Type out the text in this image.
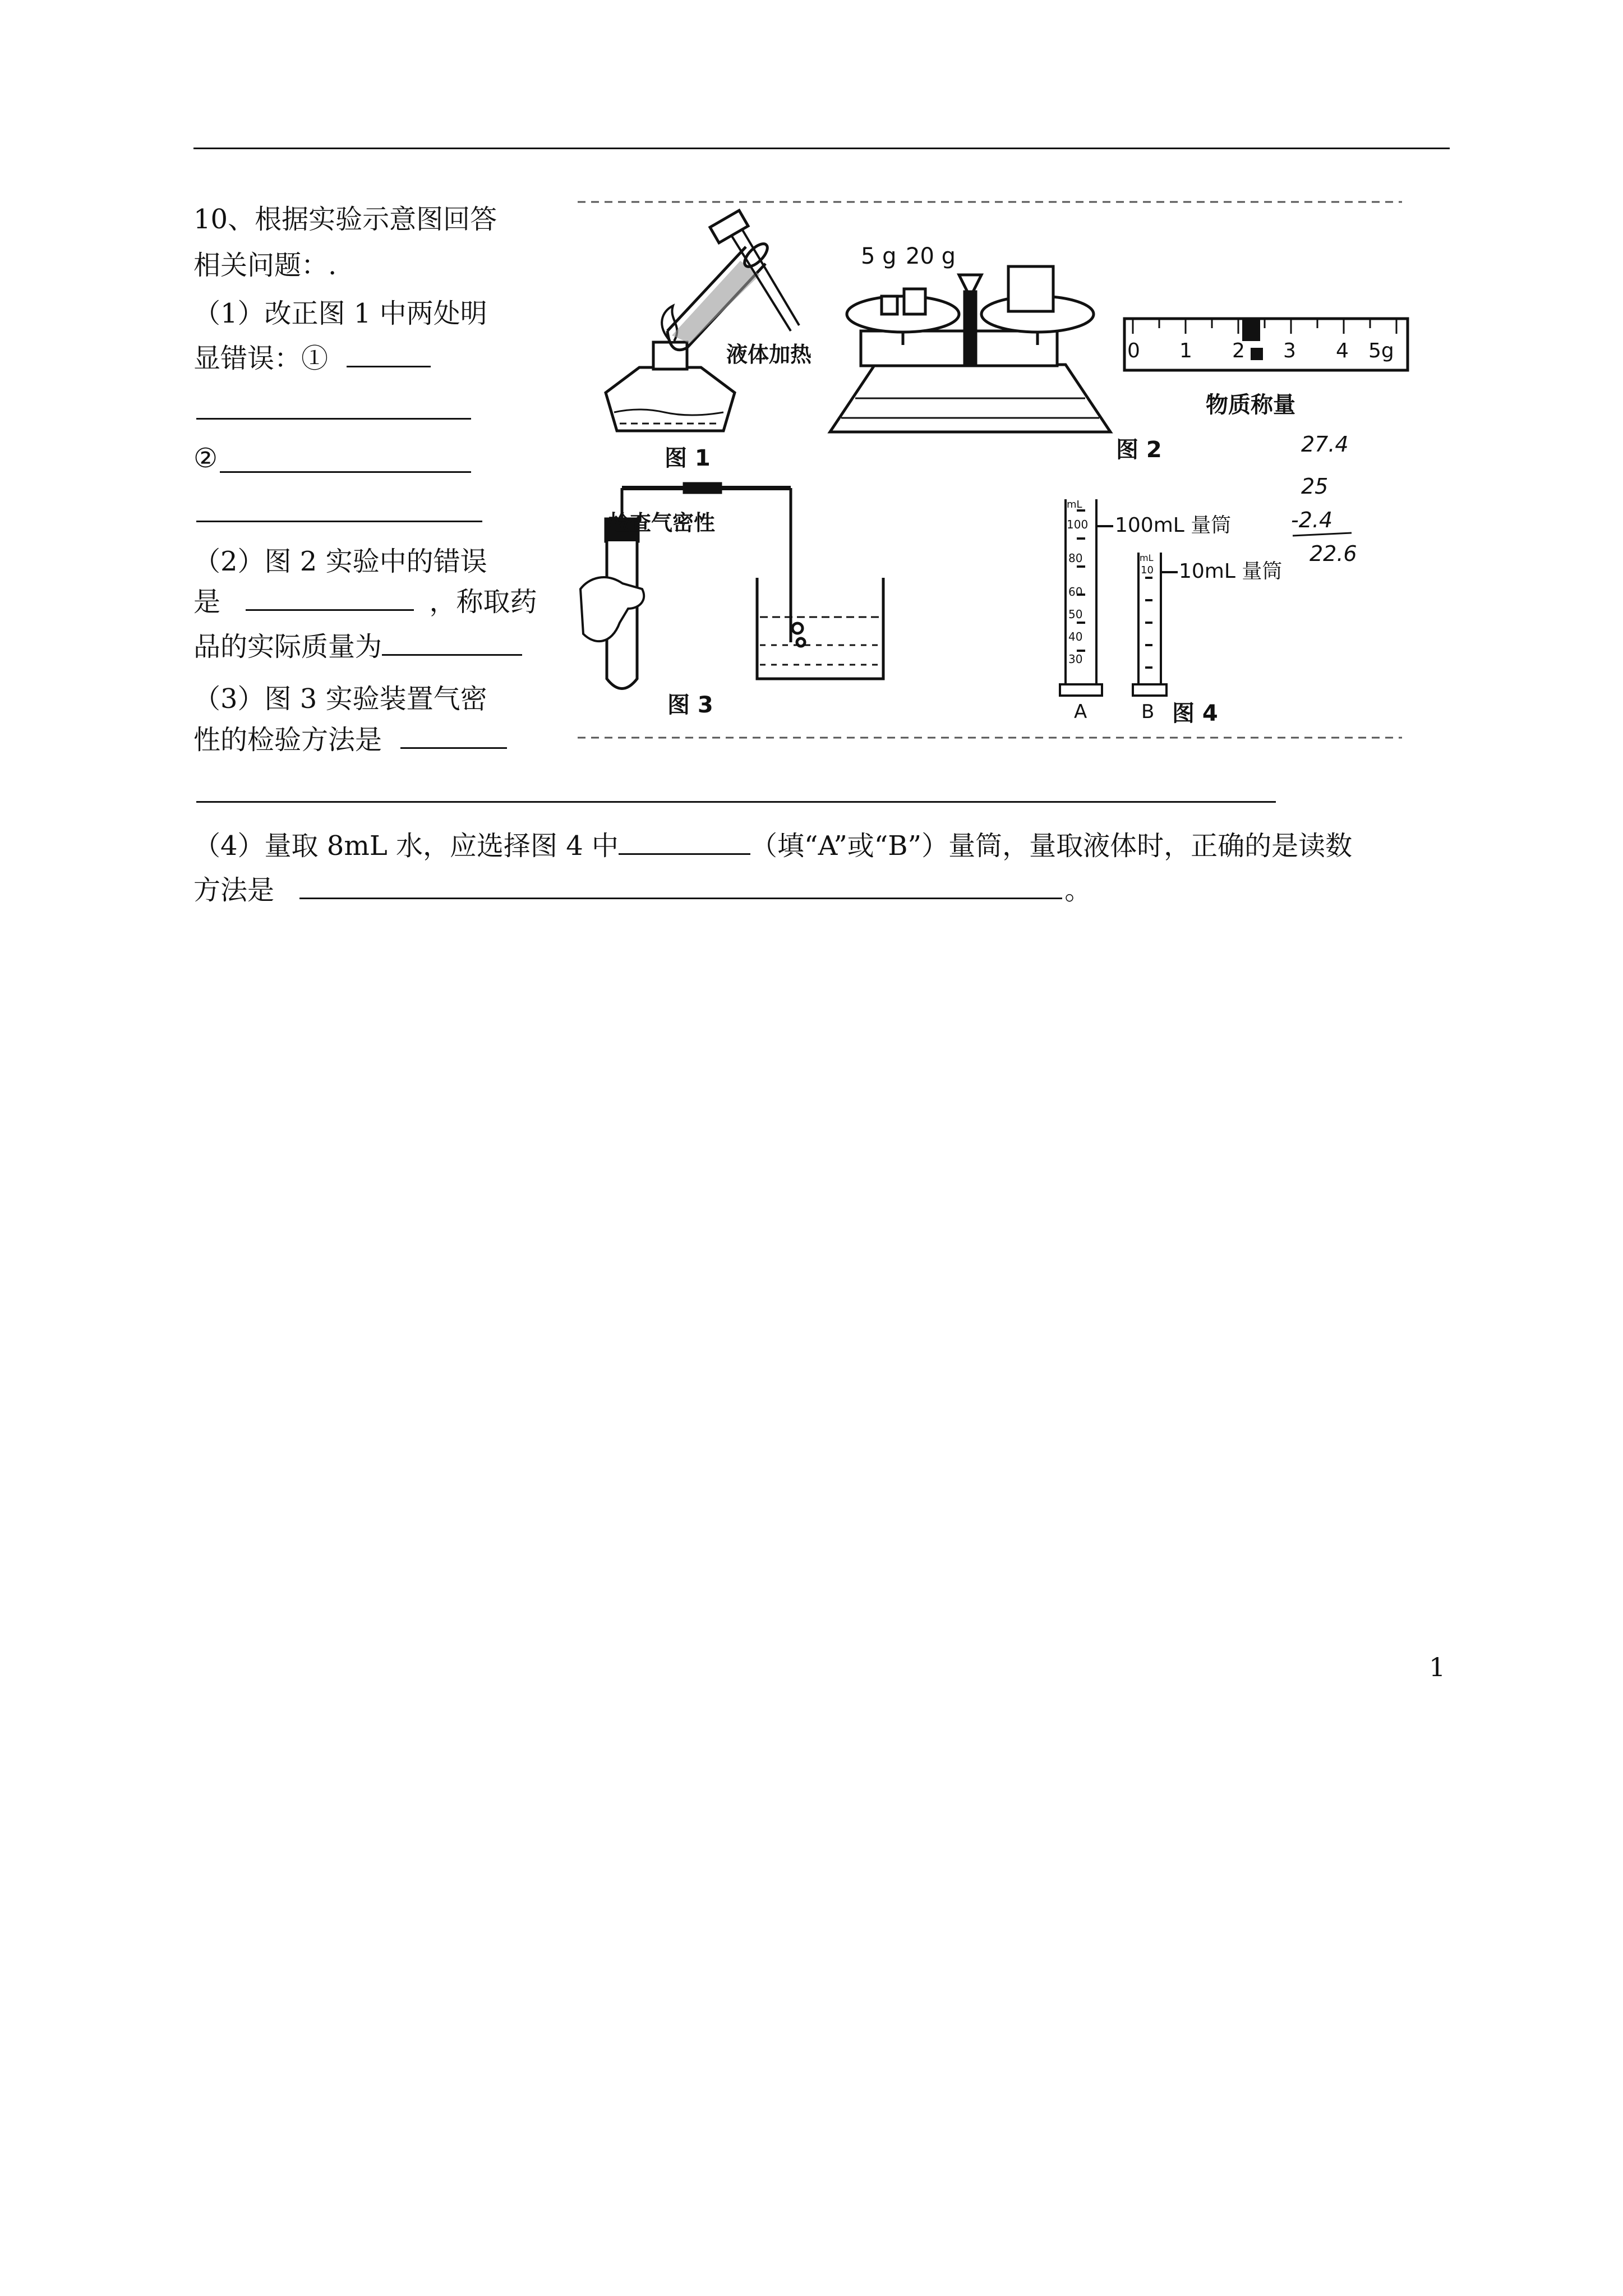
10、根据实验示意图回答
相关问题：.
（1）改正图 1 中两处明
显错误：①
②
（2）图 2 实验中的错误
是	，称取药
品的实际质量为
（3）图 3 实验装置气密
性的检验方法是
（4）量取 8mL 水，应选择图 4 中	（填“A”或“B”）量筒，量取液体时，正确的是读数
方法是	。
液体加热
图 1
5 g 20 g
0 1 2 3 4 5g
物质称量
图 2	27.4
25
-2.4
22.6
检查气密性
图 3
mL
100
80
60
50
40
30
100mL 量筒
A
mL
10 10mL 量筒
B 图 4
1
